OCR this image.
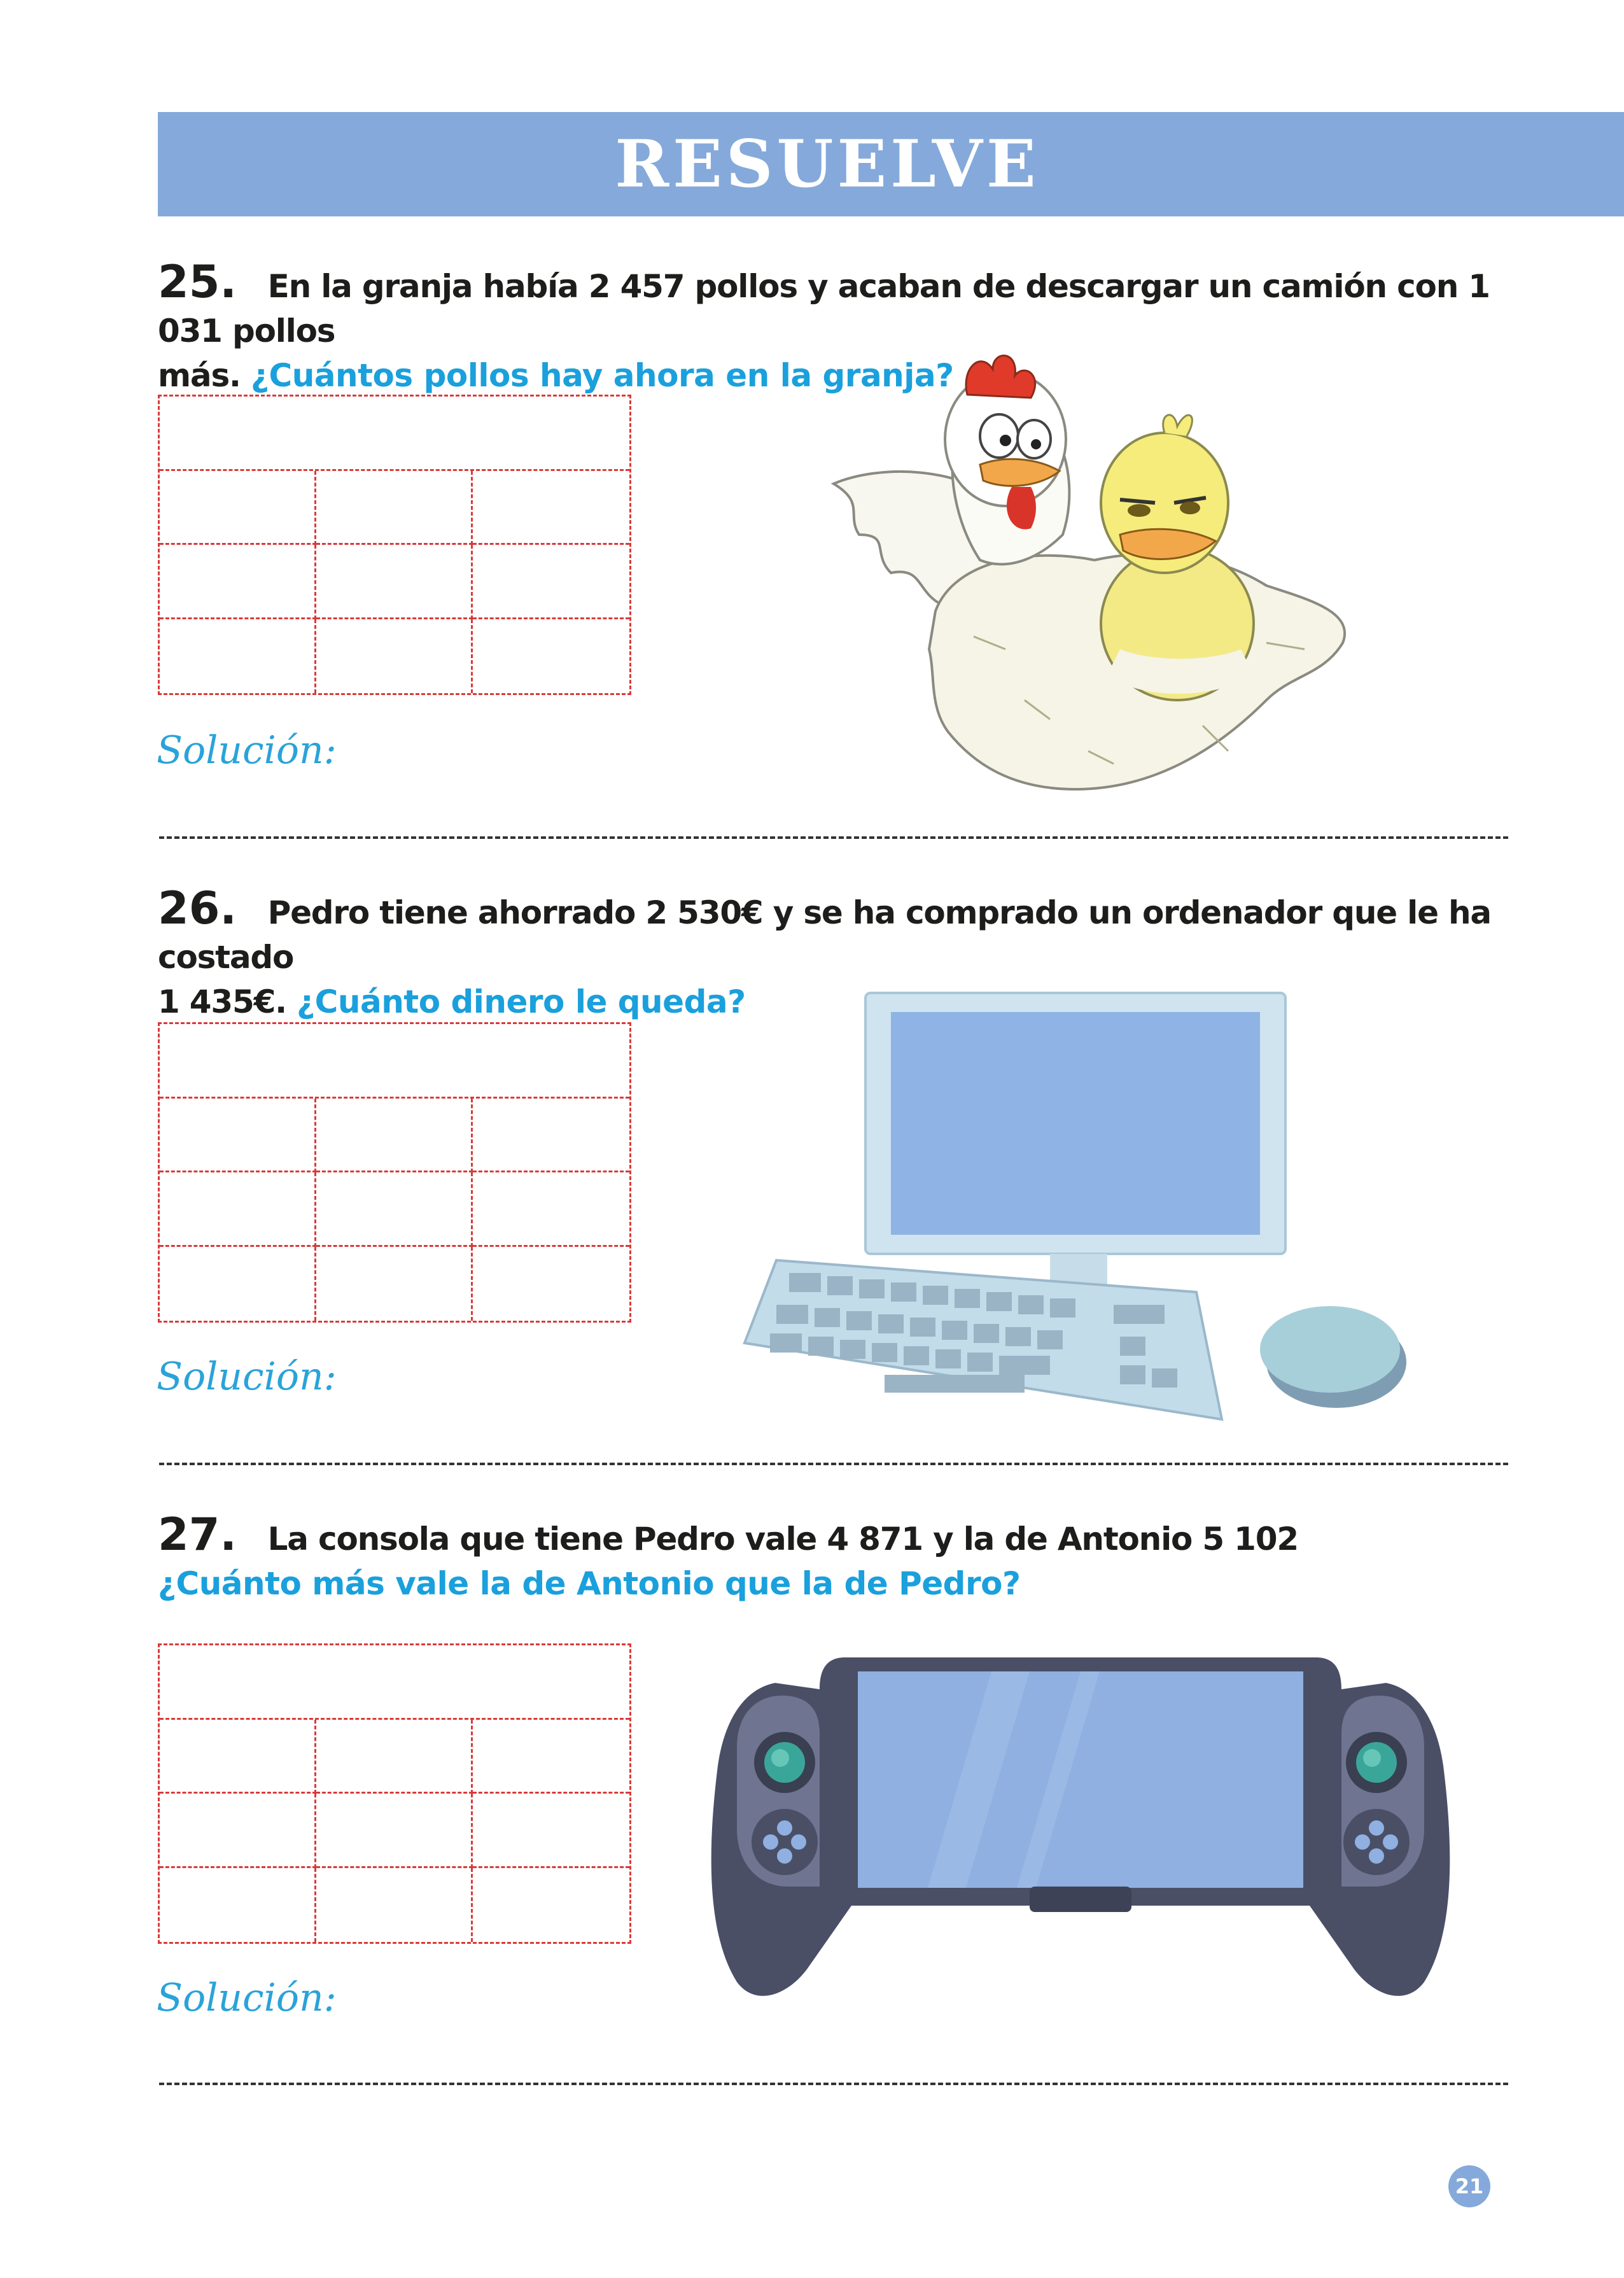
RESUELVE
25. En la granja había 2 457 pollos y acaban de descargar un camión con 1 031 pollos
más. ¿Cuántos pollos hay ahora en la granja?
Solución:
26. Pedro tiene ahorrado 2 530€ y se ha comprado un ordenador que le ha costado
1 435€. ¿Cuánto dinero le queda?
Solución:
27. La consola que tiene Pedro vale 4 871 y la de Antonio 5 102
¿Cuánto más vale la de Antonio que la de Pedro?
Solución:
21
